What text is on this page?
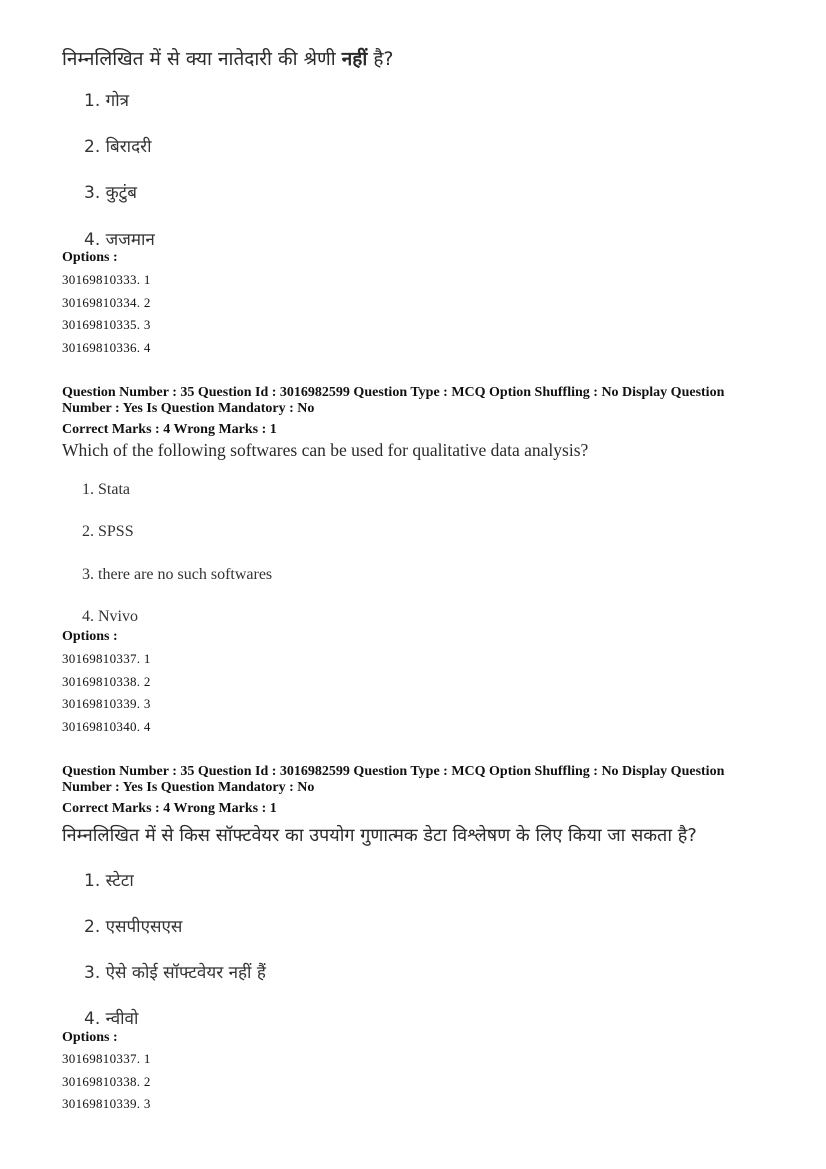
निम्नलिखित में से क्या नातेदारी की श्रेणी नहीं है?
1. गोत्र
2. बिरादरी
3. कुटुंब
4. जजमान
Options :
30169810333. 1
30169810334. 2
30169810335. 3
30169810336. 4
Question Number : 35 Question Id : 3016982599 Question Type : MCQ Option Shuffling : No Display Question Number : Yes Is Question Mandatory : No
Correct Marks : 4 Wrong Marks : 1
Which of the following softwares can be used for qualitative data analysis?
1. Stata
2. SPSS
3. there are no such softwares
4. Nvivo
Options :
30169810337. 1
30169810338. 2
30169810339. 3
30169810340. 4
Question Number : 35 Question Id : 3016982599 Question Type : MCQ Option Shuffling : No Display Question Number : Yes Is Question Mandatory : No
Correct Marks : 4 Wrong Marks : 1
निम्नलिखित में से किस सॉफ्टवेयर का उपयोग गुणात्मक डेटा विश्लेषण के लिए किया जा सकता है?
1. स्टेटा
2. एसपीएसएस
3. ऐसे कोई सॉफ्टवेयर नहीं हैं
4. न्वीवो
Options :
30169810337. 1
30169810338. 2
30169810339. 3
